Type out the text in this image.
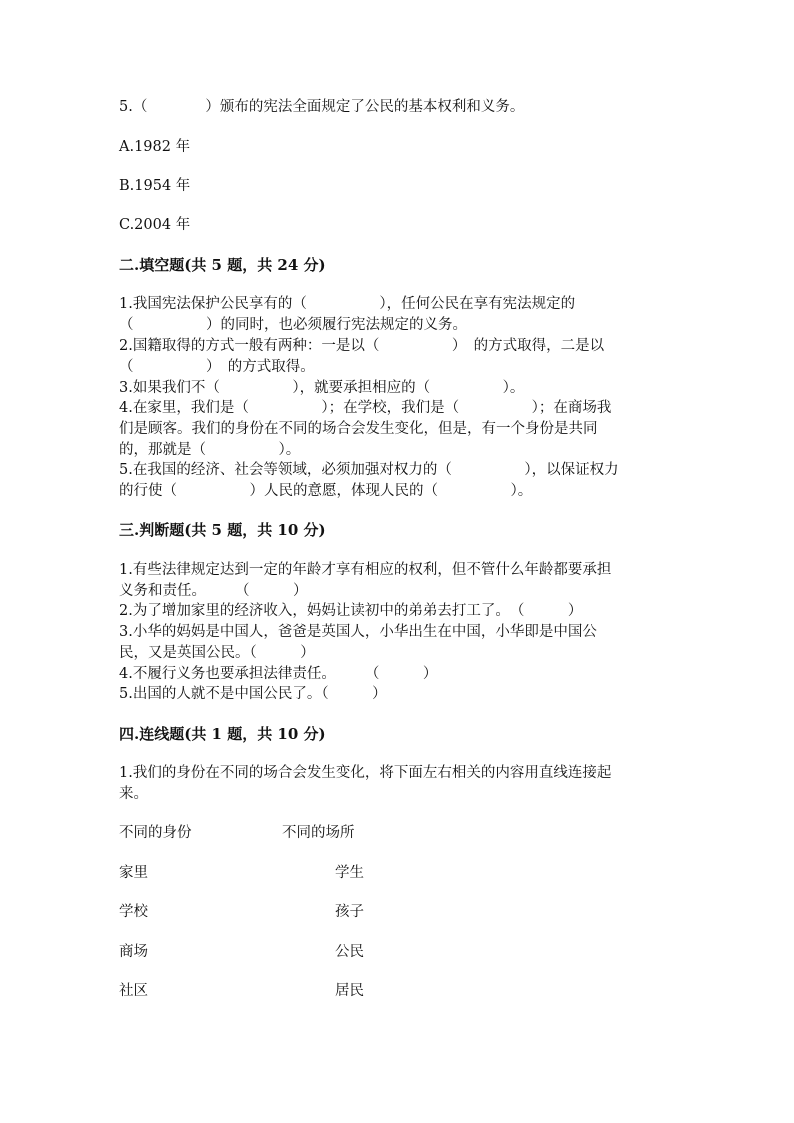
5.（　　　　）颁布的宪法全面规定了公民的基本权利和义务。
A.1982 年
B.1954 年
C.2004 年
二.填空题(共 5 题，共 24 分)
1.我国宪法保护公民享有的（　　　　　），任何公民在享有宪法规定的
（　　　　　）的同时，也必须履行宪法规定的义务。
2.国籍取得的方式一般有两种：一是以（　　　　　）　的方式取得，二是以
（　　　　　）　的方式取得。
3.如果我们不（　　　　　），就要承担相应的（　　　　　）。
4.在家里，我们是（　　　　　）；在学校，我们是（　　　　　）；在商场我
们是顾客。我们的身份在不同的场合会发生变化，但是，有一个身份是共同
的，那就是（　　　　　）。
5.在我国的经济、社会等领域，必须加强对权力的（　　　　　），以保证权力
的行使（　　　　　）人民的意愿，体现人民的（　　　　　）。
三.判断题(共 5 题，共 10 分)
1.有些法律规定达到一定的年龄才享有相应的权利，但不管什么年龄都要承担
义务和责任。　　　（　　　）
2.为了增加家里的经济收入，妈妈让读初中的弟弟去打工了。　（　　　）
3.小华的妈妈是中国人，爸爸是英国人，小华出生在中国，小华即是中国公
民，又是英国公民。（　　　）
4.不履行义务也要承担法律责任。　　　（　　　）
5.出国的人就不是中国公民了。（　　　）
四.连线题(共 1 题，共 10 分)
1.我们的身份在不同的场合会发生变化，将下面左右相关的内容用直线连接起
来。
不同的身份	不同的场所
家里	学生
学校	孩子
商场	公民
社区	居民
